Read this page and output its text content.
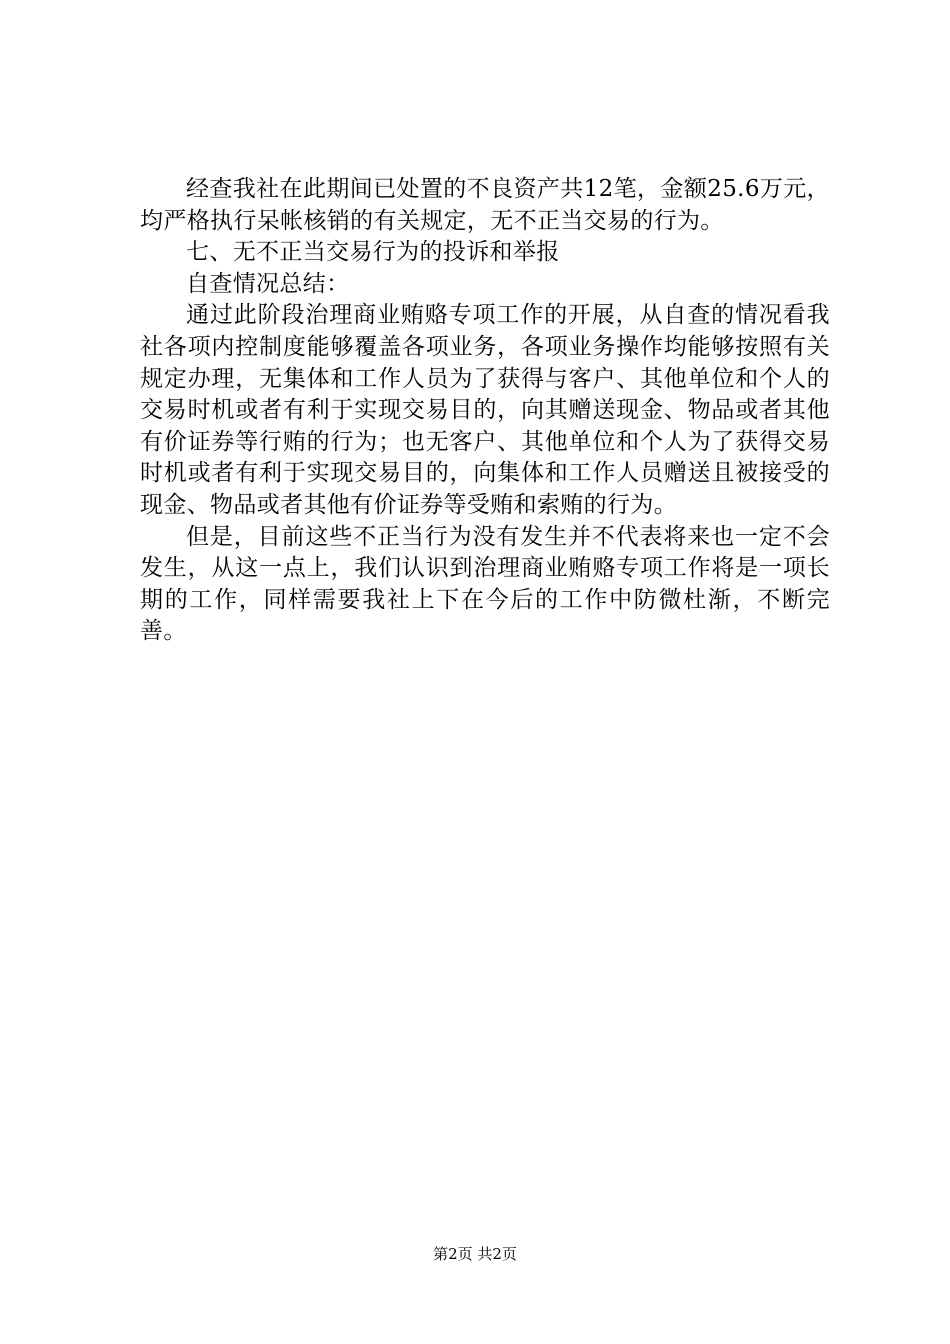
经查我社在此期间已处置的不良资产共12笔，金额25.6万元，均严格执行呆帐核销的有关规定，无不正当交易的行为。

七、无不正当交易行为的投诉和举报

自查情况总结：

通过此阶段治理商业贿赂专项工作的开展，从自查的情况看我社各项内控制度能够覆盖各项业务，各项业务操作均能够按照有关规定办理，无集体和工作人员为了获得与客户、其他单位和个人的交易时机或者有利于实现交易目的，向其赠送现金、物品或者其他有价证券等行贿的行为；也无客户、其他单位和个人为了获得交易时机或者有利于实现交易目的，向集体和工作人员赠送且被接受的现金、物品或者其他有价证券等受贿和索贿的行为。

但是，目前这些不正当行为没有发生并不代表将来也一定不会发生，从这一点上，我们认识到治理商业贿赂专项工作将是一项长期的工作，同样需要我社上下在今后的工作中防微杜渐，不断完善。

第2页 共2页
